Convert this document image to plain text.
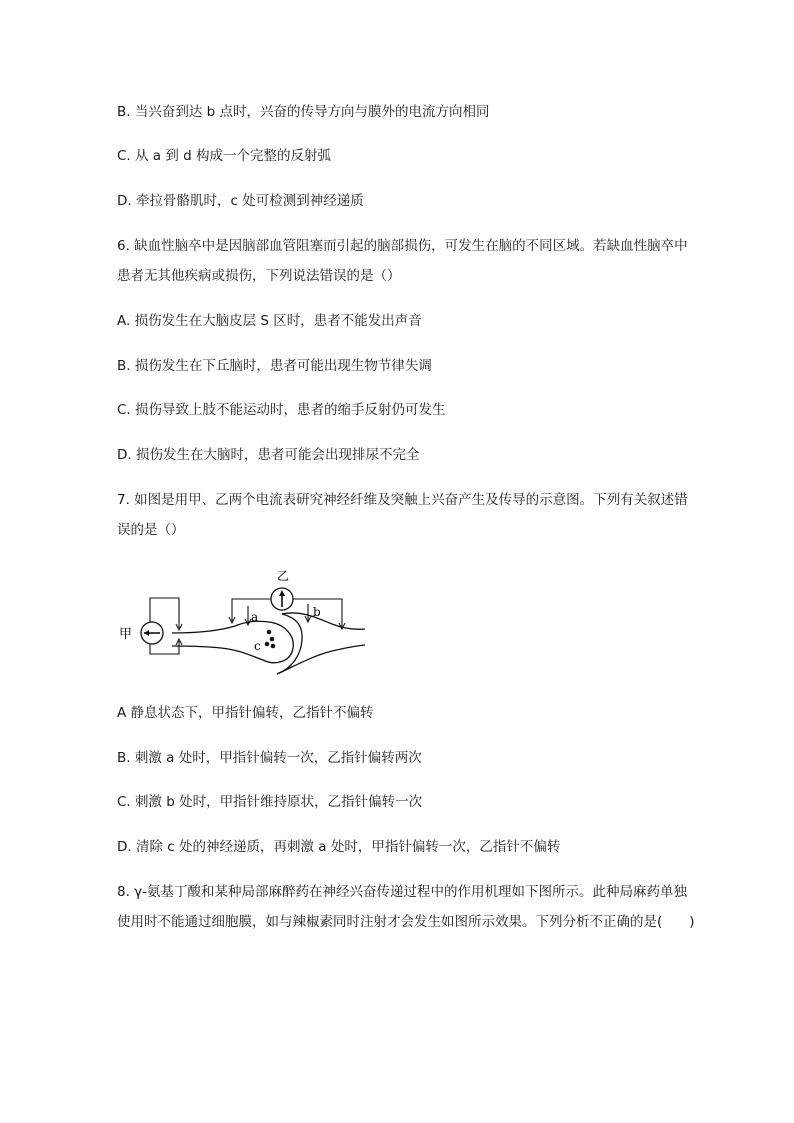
B. 当兴奋到达 b 点时，兴奋的传导方向与膜外的电流方向相同
C. 从 a 到 d 构成一个完整的反射弧
D. 牵拉骨骼肌时，c 处可检测到神经递质
6. 缺血性脑卒中是因脑部血管阻塞而引起的脑部损伤，可发生在脑的不同区域。若缺血性脑卒中
患者无其他疾病或损伤，下列说法错误的是（）
A. 损伤发生在大脑皮层 S 区时，患者不能发出声音
B. 损伤发生在下丘脑时，患者可能出现生物节律失调
C. 损伤导致上肢不能运动时，患者的缩手反射仍可发生
D. 损伤发生在大脑时，患者可能会出现排尿不完全
7. 如图是用甲、乙两个电流表研究神经纤维及突触上兴奋产生及传导的示意图。下列有关叙述错
误的是（）
甲
c
乙
a	b
A 静息状态下，甲指针偏转，乙指针不偏转
B. 刺激 a 处时，甲指针偏转一次，乙指针偏转两次
C. 刺激 b 处时，甲指针维持原状，乙指针偏转一次
D. 清除 c 处的神经递质，再刺激 a 处时，甲指针偏转一次，乙指针不偏转
8. γ-氨基丁酸和某种局部麻醉药在神经兴奋传递过程中的作用机理如下图所示。此种局麻药单独
使用时不能通过细胞膜，如与辣椒素同时注射才会发生如图所示效果。下列分析不正确的是(　　)
